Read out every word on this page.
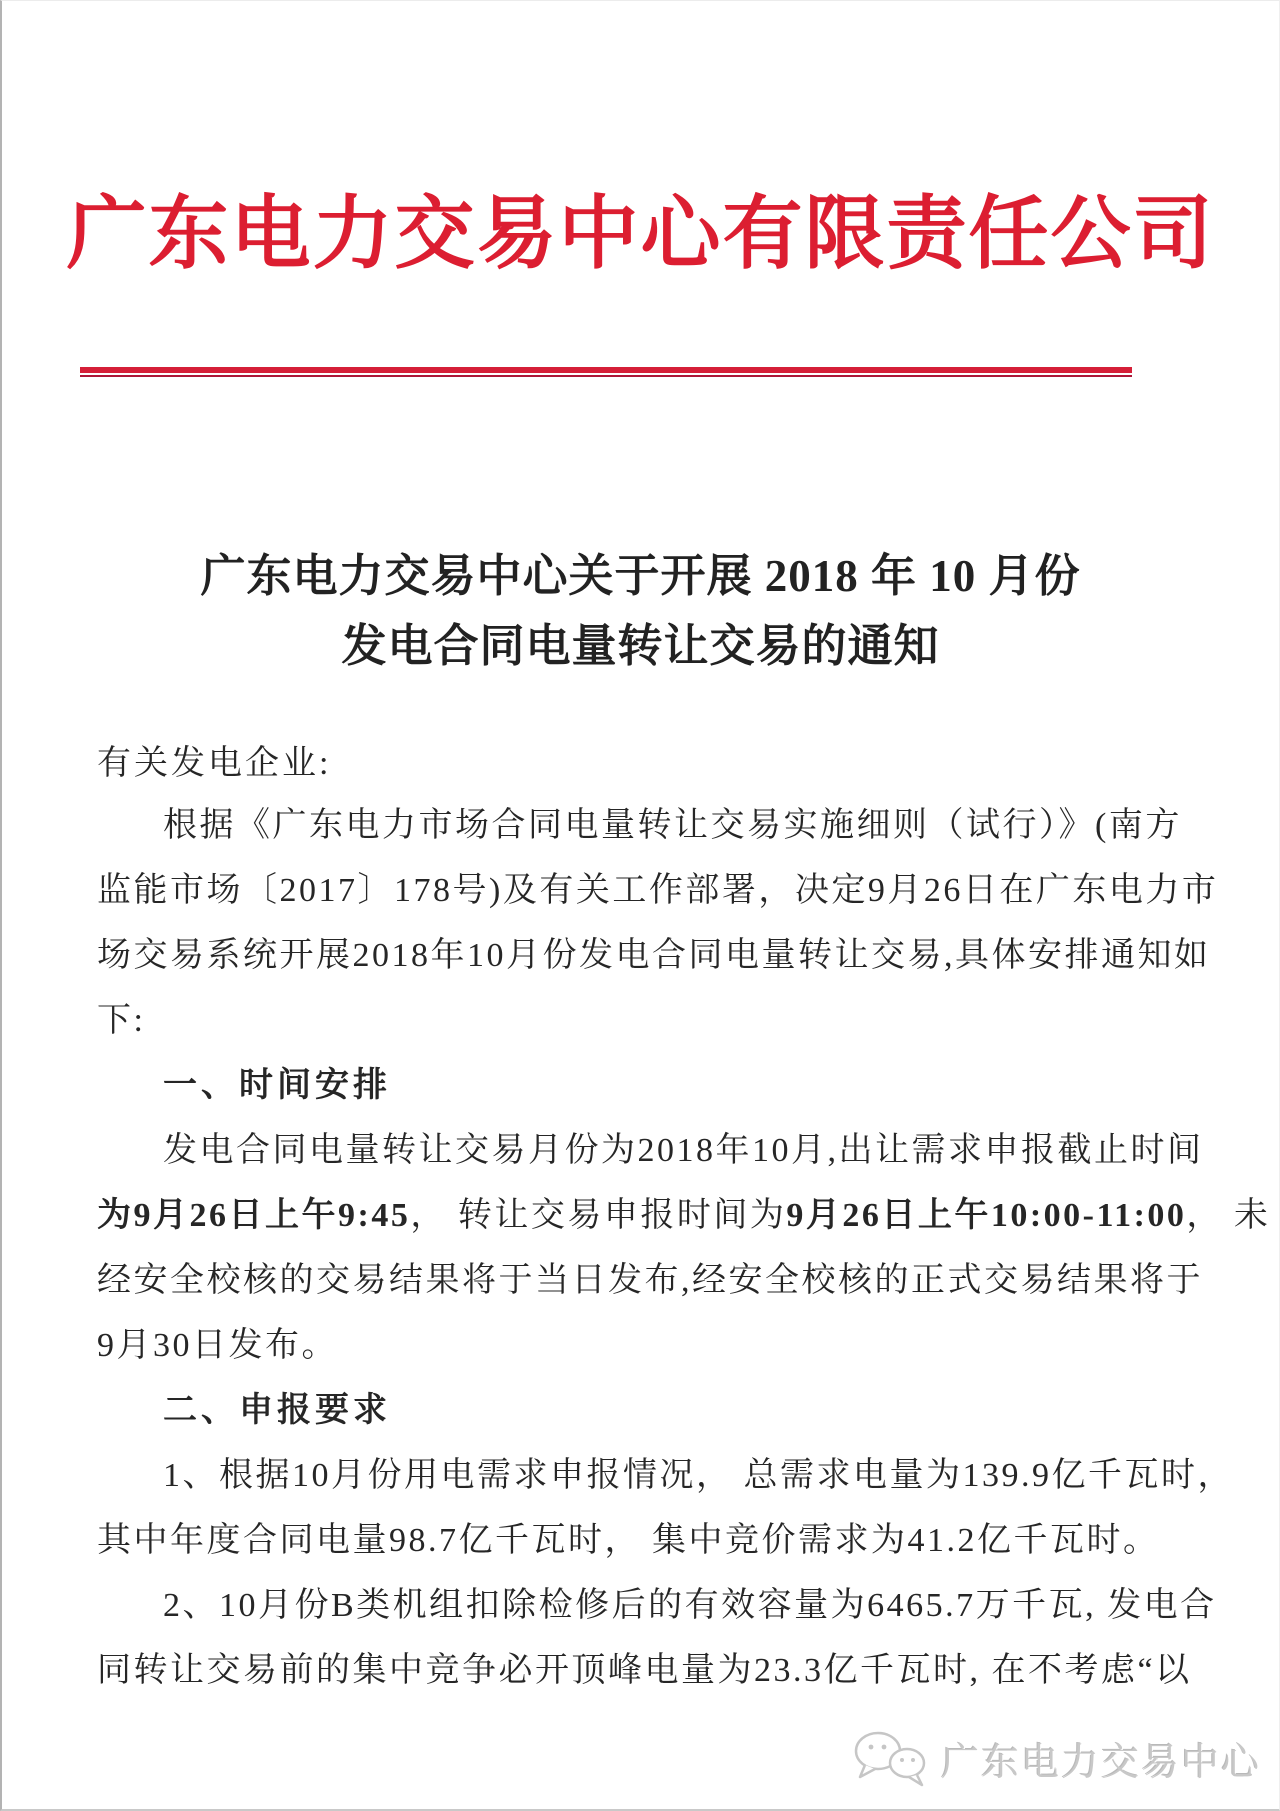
广东电力交易中心有限责任公司
广东电力交易中心关于开展 2018 年 10 月份
发电合同电量转让交易的通知
有关发电企业:
根据《广东电力市场合同电量转让交易实施细则（试行）》(南方
监能市场〔2017〕178号)及有关工作部署，决定9月26日在广东电力市
场交易系统开展2018年10月份发电合同电量转让交易,具体安排通知如
下:
一、时间安排
发电合同电量转让交易月份为2018年10月,出让需求申报截止时间
为9月26日上午9:45， 转让交易申报时间为9月26日上午10:00-11:00， 未
经安全校核的交易结果将于当日发布,经安全校核的正式交易结果将于
9月30日发布。
二、申报要求
1、根据10月份用电需求申报情况， 总需求电量为139.9亿千瓦时，
其中年度合同电量98.7亿千瓦时， 集中竞价需求为41.2亿千瓦时。
2、10月份B类机组扣除检修后的有效容量为6465.7万千瓦, 发电合
同转让交易前的集中竞争必开顶峰电量为23.3亿千瓦时, 在不考虑“以
广东电力交易中心
